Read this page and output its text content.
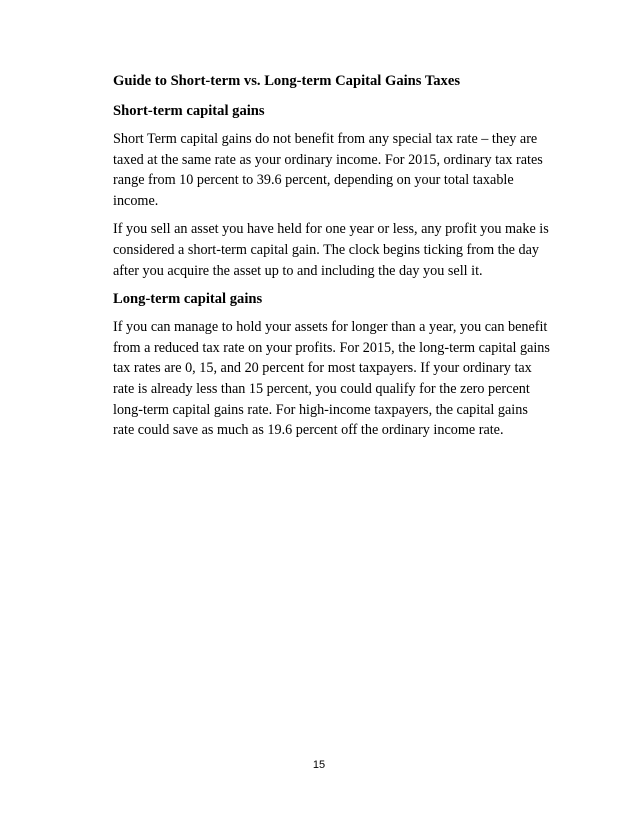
Guide to Short-term vs. Long-term Capital Gains Taxes
Short-term capital gains

Short Term capital gains do not benefit from any special tax rate – they are
taxed at the same rate as your ordinary income. For 2015, ordinary tax rates
range from 10 percent to 39.6 percent, depending on your total taxable
income.

If you sell an asset you have held for one year or less, any profit you make is
considered a short-term capital gain. The clock begins ticking from the day
after you acquire the asset up to and including the day you sell it.

Long-term capital gains

If you can manage to hold your assets for longer than a year, you can benefit
from a reduced tax rate on your profits. For 2015, the long-term capital gains
tax rates are 0, 15, and 20 percent for most taxpayers. If your ordinary tax
rate is already less than 15 percent, you could qualify for the zero percent
long-term capital gains rate. For high-income taxpayers, the capital gains
rate could save as much as 19.6 percent off the ordinary income rate.

15
